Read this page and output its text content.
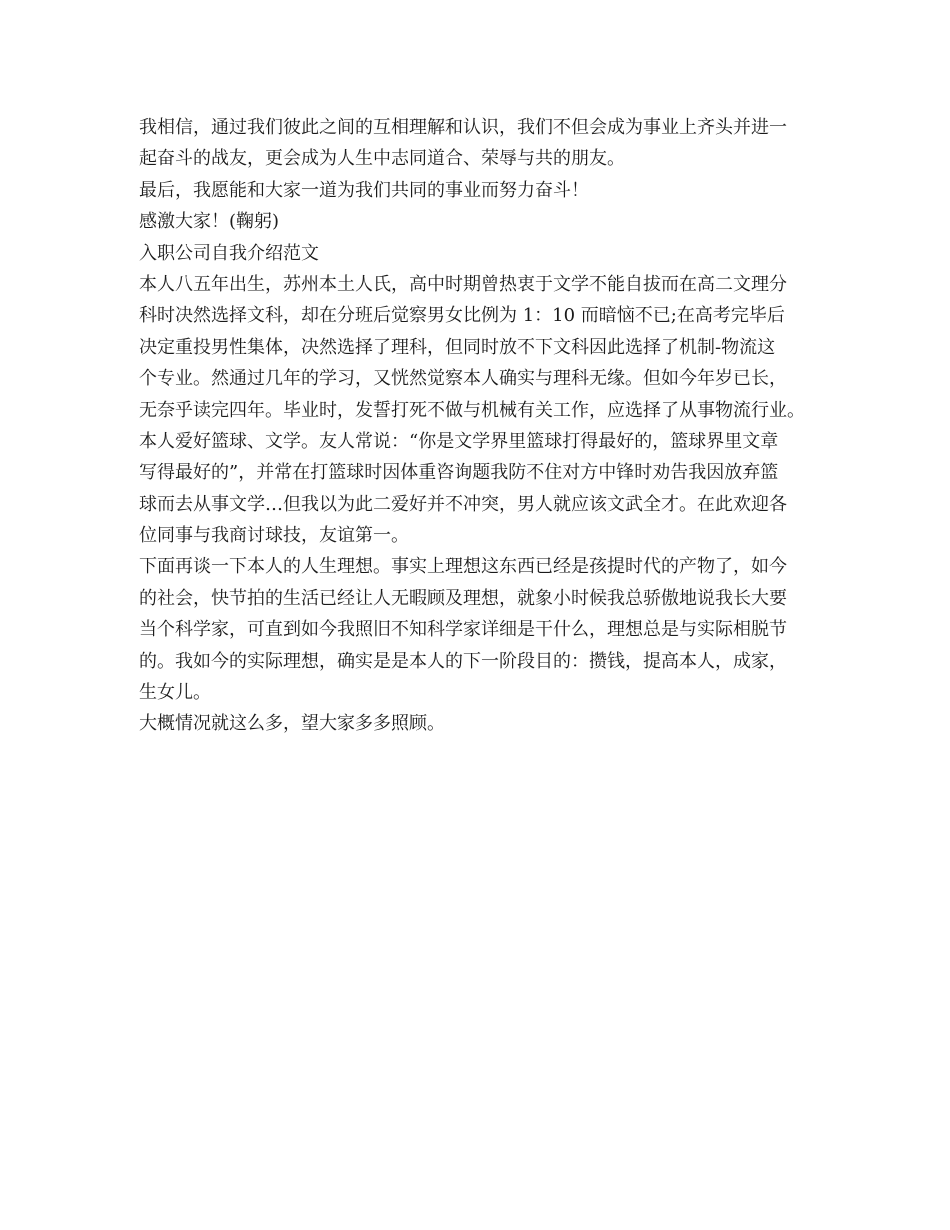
我相信，通过我们彼此之间的互相理解和认识，我们不但会成为事业上齐头并进一
起奋斗的战友，更会成为人生中志同道合、荣辱与共的朋友。
最后，我愿能和大家一道为我们共同的事业而努力奋斗！
感激大家！(鞠躬)
入职公司自我介绍范文
本人八五年出生，苏州本土人氏，高中时期曾热衷于文学不能自拔而在高二文理分
科时决然选择文科，却在分班后觉察男女比例为 1：10 而暗恼不已;在高考完毕后
决定重投男性集体，决然选择了理科，但同时放不下文科因此选择了机制-物流这
个专业。然通过几年的学习，又恍然觉察本人确实与理科无缘。但如今年岁已长，
无奈乎读完四年。毕业时，发誓打死不做与机械有关工作，应选择了从事物流行业。
本人爱好篮球、文学。友人常说：“你是文学界里篮球打得最好的，篮球界里文章
写得最好的”，并常在打篮球时因体重咨询题我防不住对方中锋时劝告我因放弃篮
球而去从事文学…但我以为此二爱好并不冲突，男人就应该文武全才。在此欢迎各
位同事与我商讨球技，友谊第一。
下面再谈一下本人的人生理想。事实上理想这东西已经是孩提时代的产物了，如今
的社会，快节拍的生活已经让人无暇顾及理想，就象小时候我总骄傲地说我长大要
当个科学家，可直到如今我照旧不知科学家详细是干什么，理想总是与实际相脱节
的。我如今的实际理想，确实是是本人的下一阶段目的：攒钱，提高本人，成家，
生女儿。
大概情况就这么多，望大家多多照顾。
